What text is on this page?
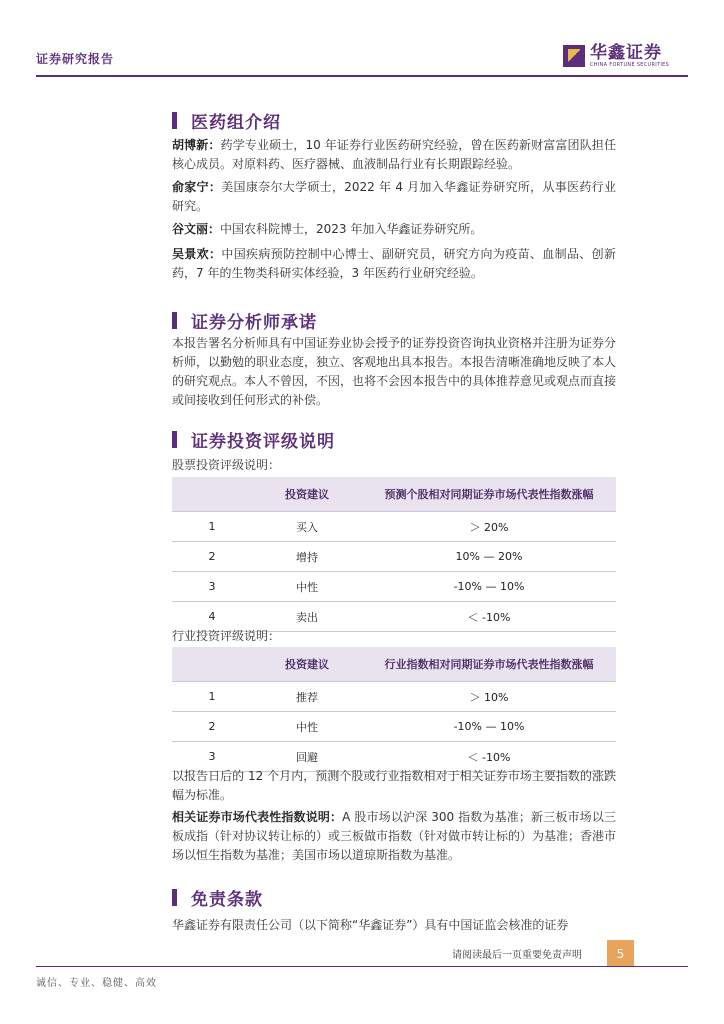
证券研究报告	华鑫证券
CHINA FORTUNE SECURITIES
医药组介绍
胡博新：药学专业硕士，10 年证券行业医药研究经验，曾在医药新财富富团队担任核心成员。对原料药、医疗器械、血液制品行业有长期跟踪经验。
俞家宁：美国康奈尔大学硕士，2022 年 4 月加入华鑫证券研究所，从事医药行业研究。
谷文丽：中国农科院博士，2023 年加入华鑫证券研究所。
吴景欢：中国疾病预防控制中心博士、副研究员，研究方向为疫苗、血制品、创新药，7 年的生物类科研实体经验，3 年医药行业研究经验。
证券分析师承诺
本报告署名分析师具有中国证券业协会授予的证券投资咨询执业资格并注册为证券分析师，以勤勉的职业态度，独立、客观地出具本报告。本报告清晰准确地反映了本人的研究观点。本人不曾因，不因，也将不会因本报告中的具体推荐意见或观点而直接或间接收到任何形式的补偿。
证券投资评级说明
股票投资评级说明：
	投资建议	预测个股相对同期证券市场代表性指数涨幅
1	买入	＞ 20%
2	增持	10% — 20%
3	中性	-10% — 10%
4	卖出	＜ -10%
行业投资评级说明：
	投资建议	行业指数相对同期证券市场代表性指数涨幅
1	推荐	＞ 10%
2	中性	-10% — 10%
3	回避	＜ -10%
以报告日后的 12 个月内，预测个股或行业指数相对于相关证券市场主要指数的涨跌幅为标准。
相关证券市场代表性指数说明：A 股市场以沪深 300 指数为基准；新三板市场以三板成指（针对协议转让标的）或三板做市指数（针对做市转让标的）为基准；香港市场以恒生指数为基准；美国市场以道琼斯指数为基准。
免责条款
华鑫证券有限责任公司（以下简称“华鑫证券”）具有中国证监会核准的证券
请阅读最后一页重要免责声明	5
诚信、专业、稳健、高效
